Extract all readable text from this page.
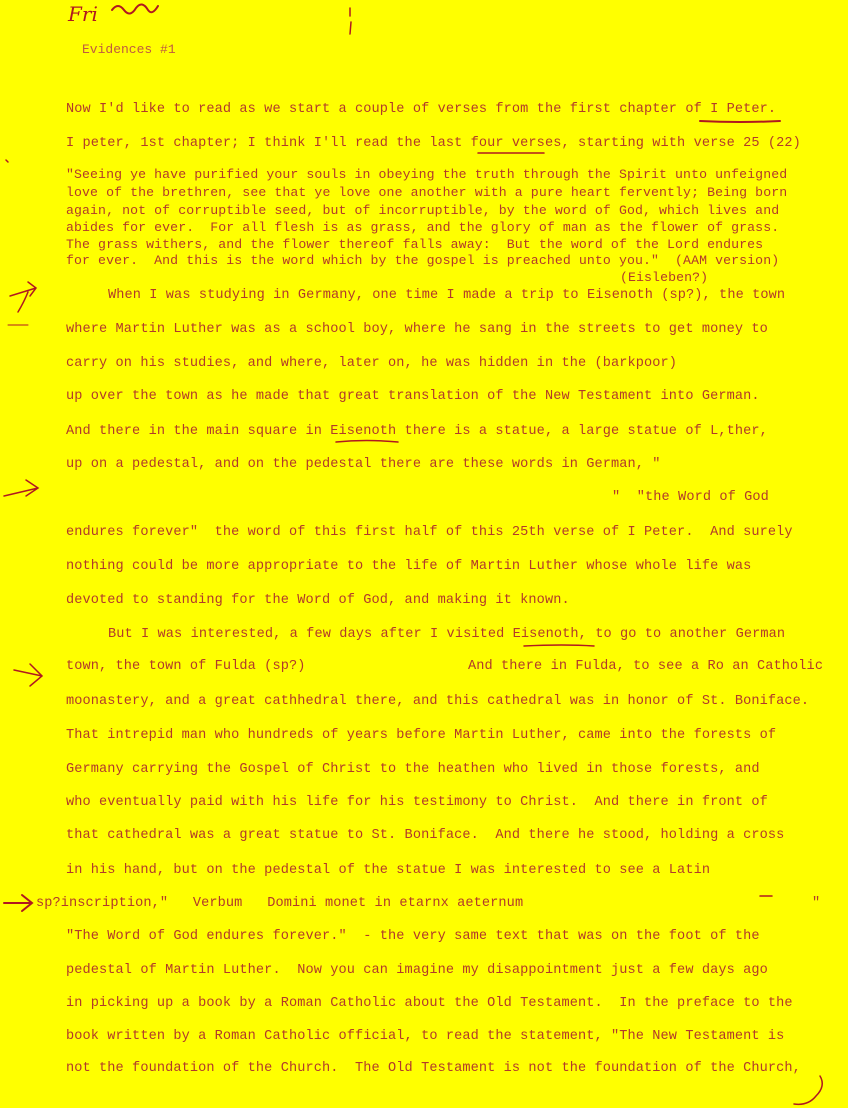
Fri
Evidences #1
Now I'd like to read as we start a couple of verses from the first chapter of I Peter.
I peter, 1st chapter; I think I'll read the last four verses, starting with verse 25 (22)
"Seeing ye have purified your souls in obeying the truth through the Spirit unto unfeigned
love of the brethren, see that ye love one another with a pure heart fervently; Being born
again, not of corruptible seed, but of incorruptible, by the word of God, which lives and
abides for ever.  For all flesh is as grass, and the glory of man as the flower of grass.
The grass withers, and the flower thereof falls away:  But the word of the Lord endures
for ever.  And this is the word which by the gospel is preached unto you."  (AAM version)
(Eisleben?)
When I was studying in Germany, one time I made a trip to Eisenoth (sp?), the town
where Martin Luther was as a school boy, where he sang in the streets to get money to
carry on his studies, and where, later on, he was hidden in the (barkpoor)
up over the town as he made that great translation of the New Testament into German.
And there in the main square in Eisenoth there is a statue, a large statue of L,ther,
up on a pedestal, and on the pedestal there are these words in German, "
"  "the Word of God
endures forever"  the word of this first half of this 25th verse of I Peter.  And surely
nothing could be more appropriate to the life of Martin Luther whose whole life was
devoted to standing for the Word of God, and making it known.
But I was interested, a few days after I visited Eisenoth, to go to another German
town, the town of Fulda (sp?)	And there in Fulda, to see a Ro an Catholic
moonastery, and a great cathhedral there, and this cathedral was in honor of St. Boniface.
That intrepid man who hundreds of years before Martin Luther, came into the forests of
Germany carrying the Gospel of Christ to the heathen who lived in those forests, and
who eventually paid with his life for his testimony to Christ.  And there in front of
that cathedral was a great statue to St. Boniface.  And there he stood, holding a cross
in his hand, but on the pedestal of the statue I was interested to see a Latin
sp?inscription,"   Verbum   Domini monet in etarnx aeternum	"
"The Word of God endures forever."  - the very same text that was on the foot of the
pedestal of Martin Luther.  Now you can imagine my disappointment just a few days ago
in picking up a book by a Roman Catholic about the Old Testament.  In the preface to the
book written by a Roman Catholic official, to read the statement, "The New Testament is
not the foundation of the Church.  The Old Testament is not the foundation of the Church,
